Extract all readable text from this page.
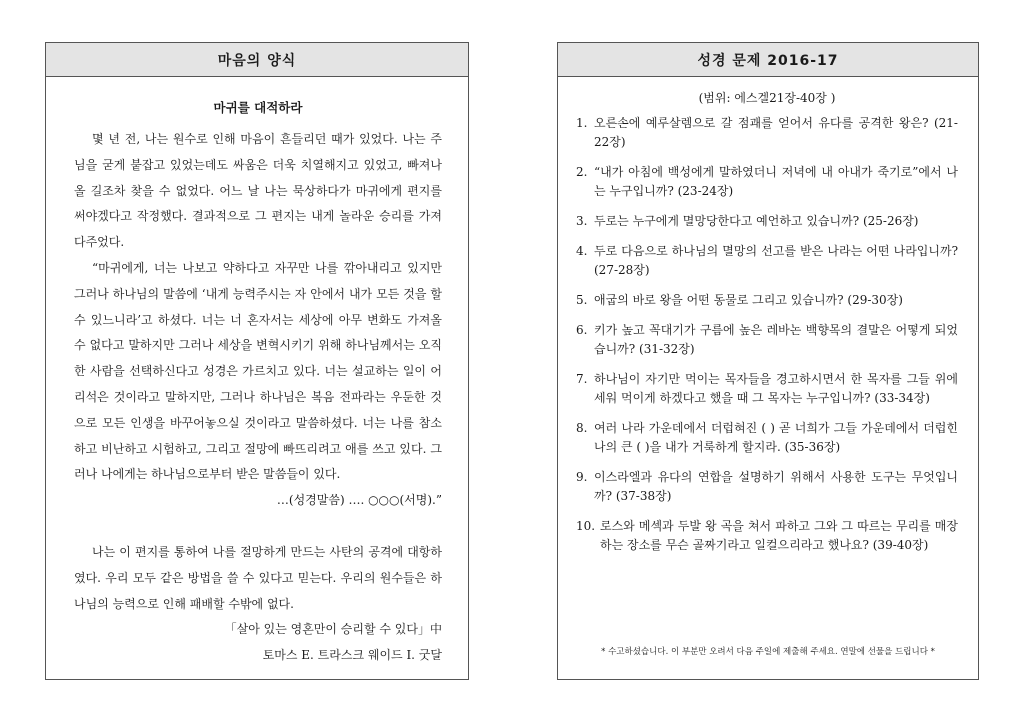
마음의 양식

마귀를 대적하라

몇 년 전, 나는 원수로 인해 마음이 흔들리던 때가 있었다. 나는 주님을 굳게 붙잡고 있었는데도 싸움은 더욱 치열해지고 있었고, 빠져나올 길조차 찾을 수 없었다. 어느 날 나는 묵상하다가 마귀에게 편지를 써야겠다고 작정했다. 결과적으로 그 편지는 내게 놀라운 승리를 가져다주었다.

“마귀에게, 너는 나보고 약하다고 자꾸만 나를 깎아내리고 있지만 그러나 하나님의 말씀에 ‘내게 능력주시는 자 안에서 내가 모든 것을 할 수 있느니라’고 하셨다. 너는 너 혼자서는 세상에 아무 변화도 가져올 수 없다고 말하지만 그러나 세상을 변혁시키기 위해 하나님께서는 오직 한 사람을 선택하신다고 성경은 가르치고 있다. 너는 설교하는 일이 어리석은 것이라고 말하지만, 그러나 하나님은 복음 전파라는 우둔한 것으로 모든 인생을 바꾸어놓으실 것이라고 말씀하셨다. 너는 나를 참소하고 비난하고 시험하고, 그리고 절망에 빠뜨리려고 애를 쓰고 있다. 그러나 나에게는 하나님으로부터 받은 말씀들이 있다.

…(성경말씀) …. ○○○(서명).”

나는 이 편지를 통하여 나를 절망하게 만드는 사탄의 공격에 대항하였다. 우리 모두 같은 방법을 쓸 수 있다고 믿는다. 우리의 원수들은 하나님의 능력으로 인해 패배할 수밖에 없다.

「살아 있는 영혼만이 승리할 수 있다」中

토마스 E. 트라스크 웨이드 I. 굿달

성경 문제 2016-17

(범위: 에스겔21장-40장 )

1. 오른손에 예루살렘으로 갈 점괘를 얻어서 유다를 공격한 왕은? (21-22장)
2. “내가 아침에 백성에게 말하였더니 저녁에 내 아내가 죽기로”에서 나는 누구입니까? (23-24장)
3. 두로는 누구에게 멸망당한다고 예언하고 있습니까? (25-26장)
4. 두로 다음으로 하나님의 멸망의 선고를 받은 나라는 어떤 나라입니까? (27-28장)
5. 애굽의 바로 왕을 어떤 동물로 그리고 있습니까? (29-30장)
6. 키가 높고 꼭대기가 구름에 높은 레바논 백향목의 결말은 어떻게 되었습니까? (31-32장)
7. 하나님이 자기만 먹이는 목자들을 경고하시면서 한 목자를 그들 위에 세워 먹이게 하겠다고 했을 때 그 목자는 누구입니까? (33-34장)
8. 여러 나라 가운데에서 더럽혀진 ( ) 곧 너희가 그들 가운데에서 더럽힌 나의 큰 ( )을 내가 거룩하게 할지라. (35-36장)
9. 이스라엘과 유다의 연합을 설명하기 위해서 사용한 도구는 무엇입니까? (37-38장)
10. 로스와 메섹과 두발 왕 곡을 쳐서 파하고 그와 그 따르는 무리를 매장하는 장소를 무슨 골짜기라고 일컬으리라고 했나요? (39-40장)
* 수고하셨습니다. 이 부분만 오려서 다음 주일에 제출해 주세요. 연말에 선물을 드립니다 *
